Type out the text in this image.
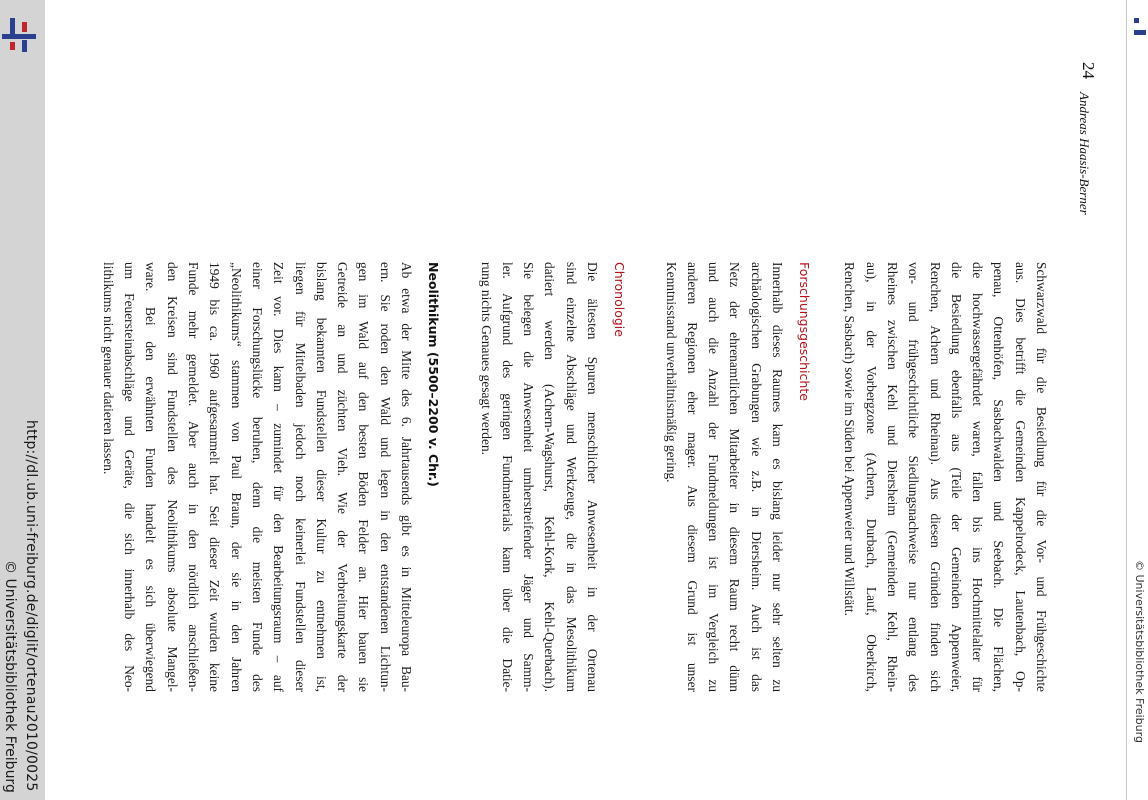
http://dl.ub.uni-freiburg.de/diglit/ortenau2010/0025
© Universitätsbibliothek Freiburg	© Universitätsbibliothek Freiburg
24
Andreas Haasis-Berner
Schwarzwald für die Besiedlung für die Vor- und Frühgeschichte
aus. Dies betrifft die Gemeinden Kappelrodeck, Lautenbach, Op-
penau, Ottenhöfen, Sasbachwalden und Seebach. Die Flächen,
die hochwassergefährdet waren, fallen bis ins Hochmittelalter für
die Besiedlung ebenfalls aus (Teile der Gemeinden Appenweier,
Renchen, Achern und Rheinau). Aus diesen Gründen finden sich
vor- und frühgeschichtliche Siedlungsnachweise nur entlang des
Rheines zwischen Kehl und Diersheim (Gemeinden Kehl, Rhein-
au), in der Vorbergzone (Achern, Durbach, Lauf, Oberkirch,
Renchen, Sasbach) sowie im Süden bei Appenweier und Willstätt.
Forschungsgeschichte
Innerhalb dieses Raumes kam es bislang leider nur sehr selten zu
archäologischen Grabungen wie z.B. in Diersheim. Auch ist das
Netz der ehrenamtlichen Mitarbeiter in diesem Raum recht dünn
und auch die Anzahl der Fundmeldungen ist im Vergleich zu
anderen Regionen eher mager. Aus diesem Grund ist unser
Kenntnisstand unverhältnismäßig gering.
Chronologie
Die ältesten Spuren menschlicher Anwesenheit in der Ortenau
sind einzelne Abschläge und Werkzeuge, die in das Mesolithikum
datiert werden (Achern-Wagshurst, Kehl-Kork, Kehl-Querbach).
Sie belegen die Anwesenheit umherstreifender Jäger und Samm-
ler. Aufgrund des geringen Fundmaterials kann über die Datie-
rung nichts Genaues gesagt werden.
Neolithikum (5500–2200 v. Chr.)
Ab etwa der Mitte des 6. Jahrtausends gibt es in Mitteleuropa Bau-
ern. Sie roden den Wald und legen in den entstandenen Lichtun-
gen im Wald auf den besten Böden Felder an. Hier bauen sie
Getreide an und züchten Vieh. Wie der Verbreitungskarte der
bislang bekannten Fundstellen dieser Kultur zu entnehmen ist,
liegen für Mittelbaden jedoch noch keinerlei Fundstellen dieser
Zeit vor. Dies kann – zumindet für den Bearbeitungsraum – auf
einer Forschungslücke beruhen, denn die meisten Funde des
„Neolithikums“ stammen von Paul Braun, der sie in den Jahren
1949 bis ca. 1960 aufgesammelt hat. Seit dieser Zeit wurden keine
Funde mehr gemeldet. Aber auch in den nördlich anschließen-
den Kreisen sind Fundstellen des Neolithikums absolute Mangel-
ware. Bei den erwähnten Funden handelt es sich überwiegend
um Feuersteinabschläge und Geräte, die sich innerhalb des Neo-
lithikums nicht genauer datieren lassen.
